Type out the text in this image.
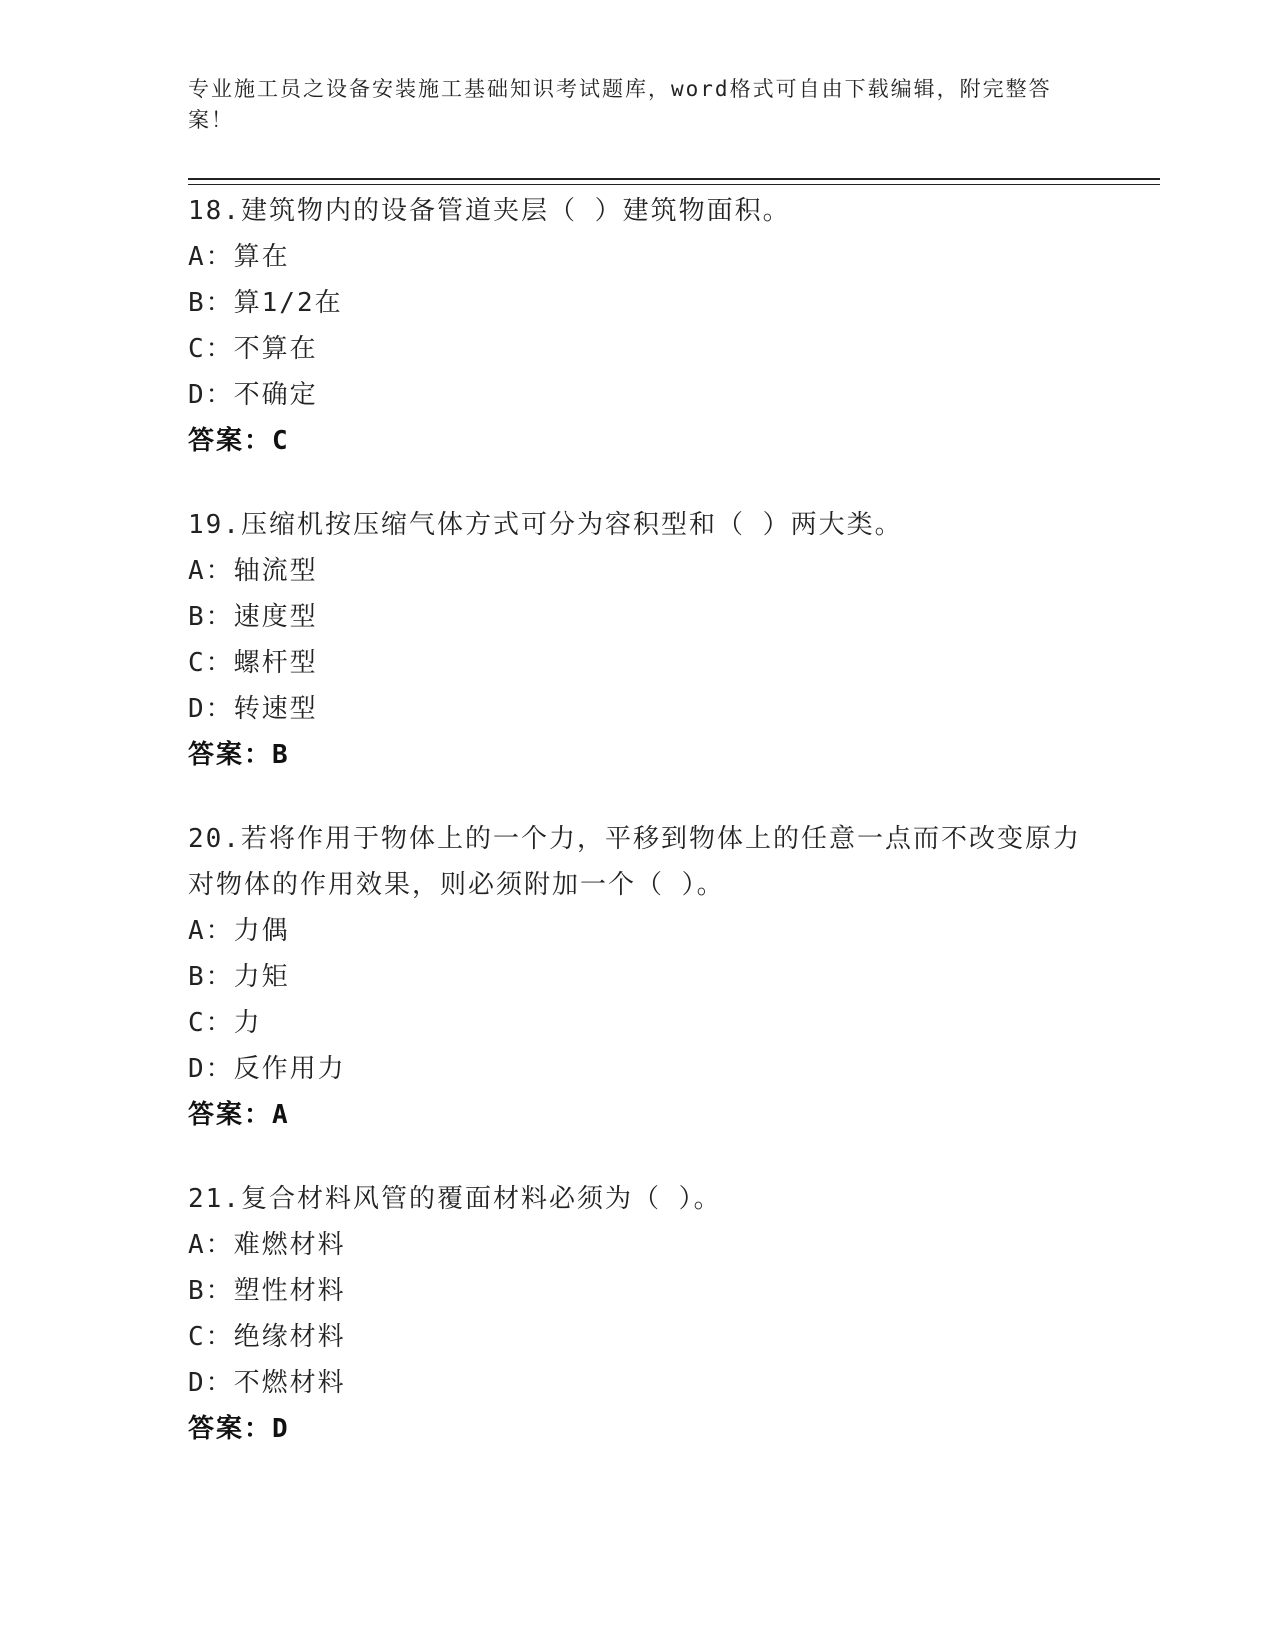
专业施工员之设备安装施工基础知识考试题库，word格式可自由下载编辑，附完整答案！
18.建筑物内的设备管道夹层（ ）建筑物面积。
A：算在
B：算1/2在
C：不算在
D：不确定
答案：C
19.压缩机按压缩气体方式可分为容积型和（ ）两大类。
A：轴流型
B：速度型
C：螺杆型
D：转速型
答案：B
20.若将作用于物体上的一个力，平移到物体上的任意一点而不改变原力对物体的作用效果，则必须附加一个（ ）。
A：力偶
B：力矩
C：力
D：反作用力
答案：A
21.复合材料风管的覆面材料必须为（ ）。
A：难燃材料
B：塑性材料
C：绝缘材料
D：不燃材料
答案：D
